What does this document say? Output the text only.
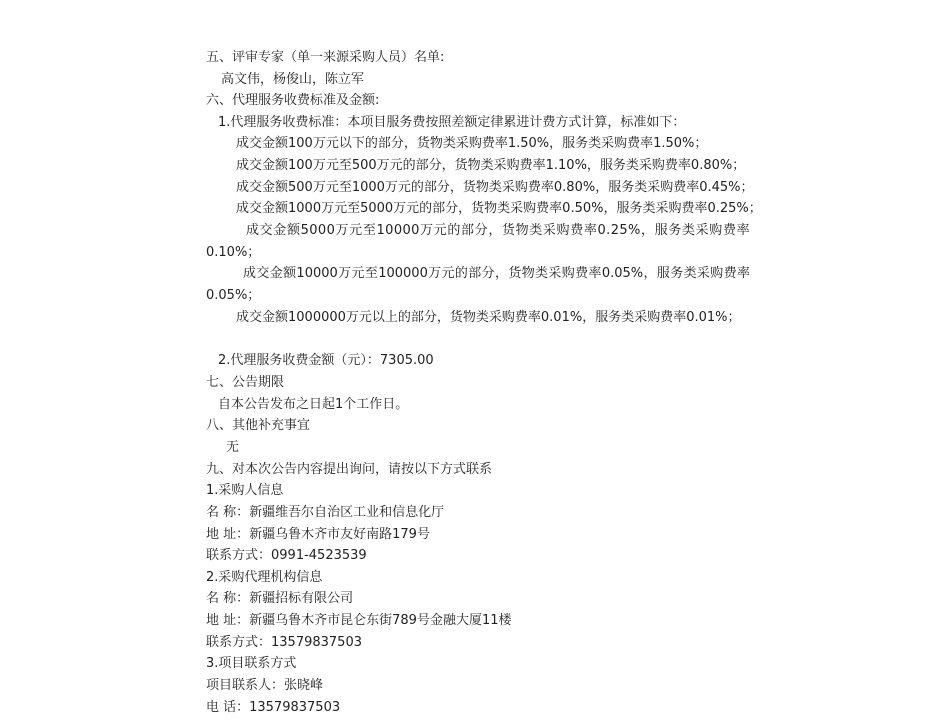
五、评审专家（单一来源采购人员）名单:
高文伟，杨俊山，陈立军
六、代理服务收费标准及金额:
1.代理服务收费标准：本项目服务费按照差额定律累进计费方式计算，标准如下：
成交金额100万元以下的部分，货物类采购费率1.50%，服务类采购费率1.50%；
成交金额100万元至500万元的部分，货物类采购费率1.10%，服务类采购费率0.80%；
成交金额500万元至1000万元的部分，货物类采购费率0.80%，服务类采购费率0.45%；
成交金额1000万元至5000万元的部分，货物类采购费率0.50%，服务类采购费率0.25%；
成交金额5000万元至10000万元的部分，货物类采购费率0.25%，服务类采购费率
0.10%；
成交金额10000万元至100000万元的部分，货物类采购费率0.05%，服务类采购费率
0.05%；
成交金额1000000万元以上的部分，货物类采购费率0.01%，服务类采购费率0.01%；
2.代理服务收费金额（元）：7305.00
七、公告期限
自本公告发布之日起1个工作日。
八、其他补充事宜
无
九、对本次公告内容提出询问，请按以下方式联系
1.采购人信息
名 称：新疆维吾尔自治区工业和信息化厅
地 址：新疆乌鲁木齐市友好南路179号
联系方式：0991-4523539
2.采购代理机构信息
名 称：新疆招标有限公司
地 址：新疆乌鲁木齐市昆仑东街789号金融大厦11楼
联系方式：13579837503
3.项目联系方式
项目联系人：张晓峰
电 话：13579837503
